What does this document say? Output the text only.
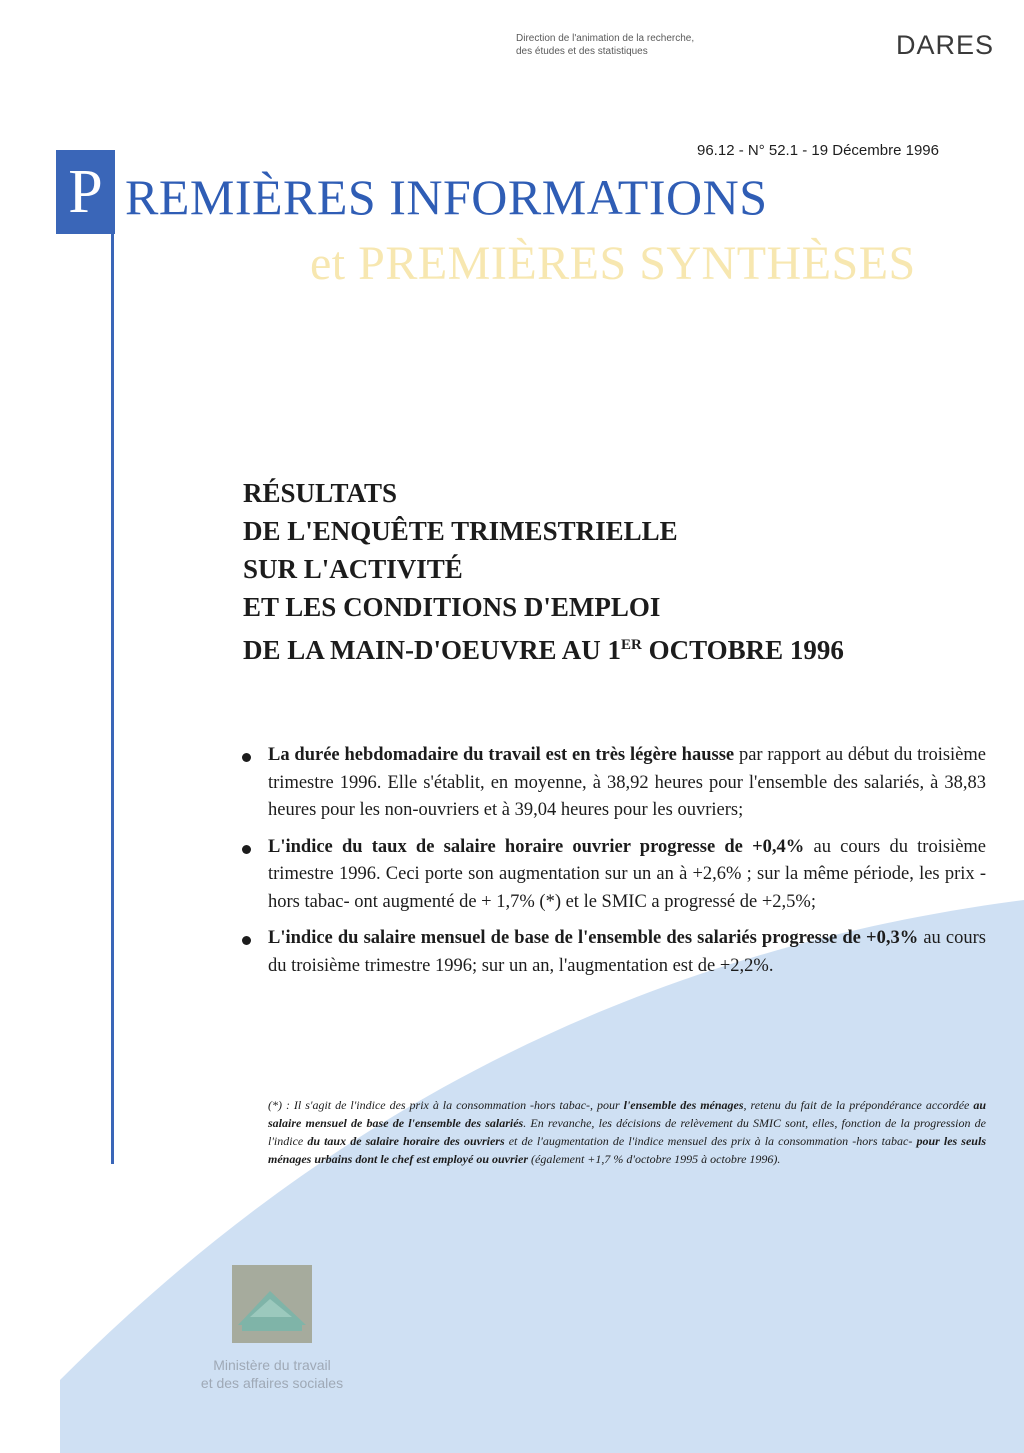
Direction de l'animation de la recherche,
des études et des statistiques	DARES
96.12 - N° 52.1 - 19 Décembre 1996
P REMIÈRES INFORMATIONS
et PREMIÈRES SYNTHÈSES
RÉSULTATS
DE L'ENQUÊTE TRIMESTRIELLE
SUR L'ACTIVITÉ
ET LES CONDITIONS D'EMPLOI
DE LA MAIN-D'OEUVRE AU 1ER OCTOBRE 1996
La durée hebdomadaire du travail est en très légère hausse par rapport au début du troisième trimestre 1996. Elle s'établit, en moyenne, à 38,92 heures pour l'ensemble des salariés, à 38,83 heures pour les non-ouvriers et à 39,04 heures pour les ouvriers;
L'indice du taux de salaire horaire ouvrier progresse de +0,4% au cours du troisième trimestre 1996. Ceci porte son augmentation sur un an à +2,6% ; sur la même période, les prix -hors tabac- ont augmenté de + 1,7% (*) et le SMIC a progressé de +2,5%;
L'indice du salaire mensuel de base de l'ensemble des salariés progresse de +0,3% au cours du troisième trimestre 1996; sur un an, l'augmentation est de +2,2%.
(*) : Il s'agit de l'indice des prix à la consommation -hors tabac-, pour l'ensemble des ménages, retenu du fait de la prépondérance accordée au salaire mensuel de base de l'ensemble des salariés. En revanche, les décisions de relèvement du SMIC sont, elles, fonction de la progression de l'indice du taux de salaire horaire des ouvriers et de l'augmentation de l'indice mensuel des prix à la consommation -hors tabac- pour les seuls ménages urbains dont le chef est employé ou ouvrier (également +1,7 % d'octobre 1995 à octobre 1996).
Ministère du travail
et des affaires sociales
